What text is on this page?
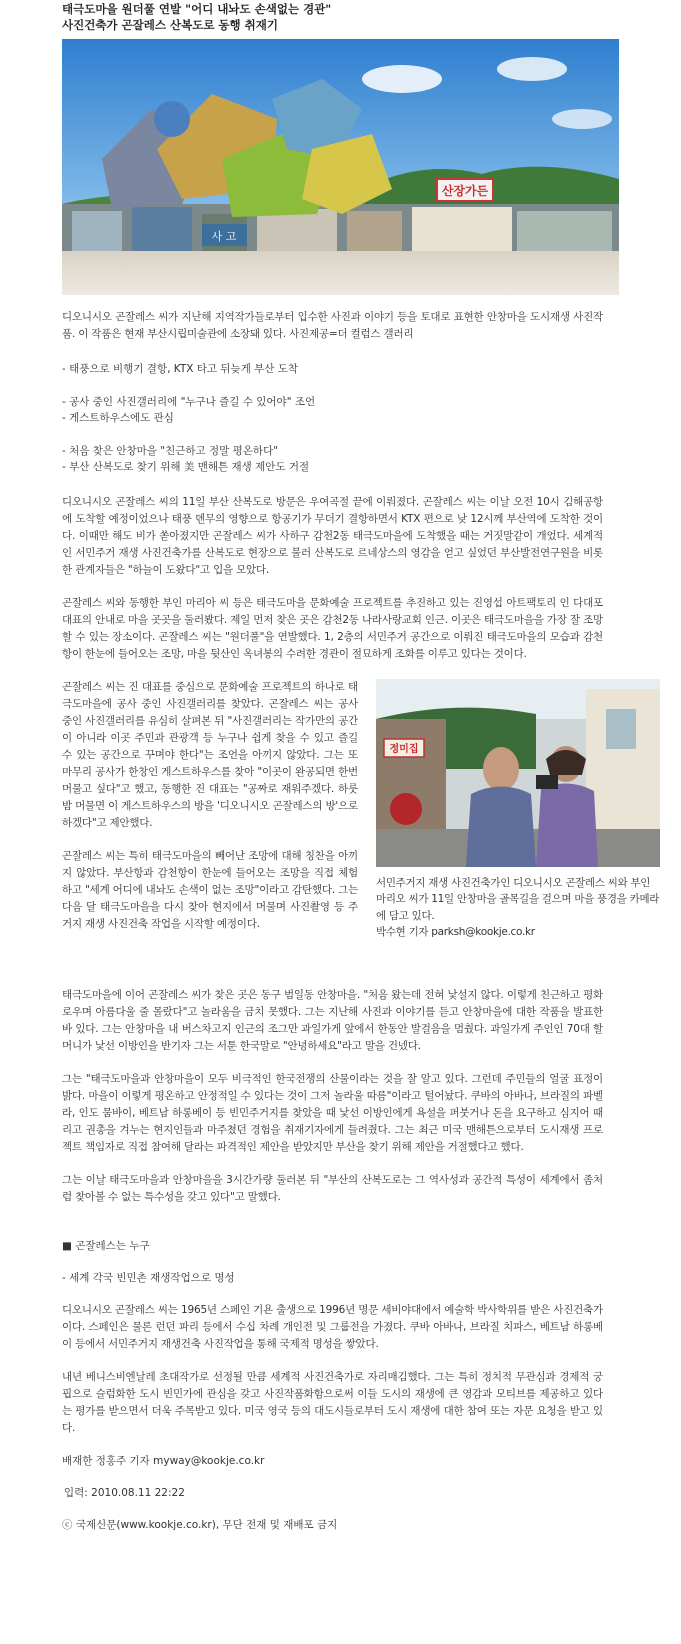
태극도마을 원더풀 연발 "어디 내놔도 손색없는 경관"
사진건축가 곤잘레스 산복도로 동행 취재기
산장가든
사 고

디오니시오 곤잘레스 씨가 지난해 지역작가들로부터 입수한 사진과 이야기 등을 토대로 표현한 안창마을 도시재생 사진작품. 이 작품은 현재 부산시립미술관에 소장돼 있다. 사진제공=더 컬럼스 갤러리

- 태풍으로 비행기 결항, KTX 타고 뒤늦게 부산 도착

- 공사 중인 사진갤러리에 "누구나 즐길 수 있어야" 조언

- 게스트하우스에도 관심

- 처음 찾은 안창마을 "친근하고 정말 평온하다"

- 부산 산복도로 찾기 위해 美 맨해튼 재생 제안도 거절

디오니시오 곤잘레스 씨의 11일 부산 산복도로 방문은 우여곡절 끝에 이뤄졌다. 곤잘레스 씨는 이날 오전 10시 김해공항에 도착할 예정이었으나 태풍 뎬무의 영향으로 항공기가 무더기 결항하면서 KTX 편으로 낮 12시께 부산역에 도착한 것이다. 이때만 해도 비가 쏟아졌지만 곤잘레스 씨가 사하구 감천2동 태극도마을에 도착했을 때는 거짓말같이 개었다. 세계적인 서민주거 재생 사진건축가를 산복도로 현장으로 불러 산복도로 르네상스의 영감을 얻고 싶었던 부산발전연구원을 비롯한 관계자들은 "하늘이 도왔다"고 입을 모았다.

곤잘레스 씨와 동행한 부인 마리아 씨 등은 태극도마을 문화예술 프로젝트를 추진하고 있는 진영섭 아트팩토리 인 다대포 대표의 안내로 마을 곳곳을 둘러봤다. 제일 먼저 찾은 곳은 감천2동 나라사랑교회 인근. 이곳은 태극도마을을 가장 잘 조망할 수 있는 장소이다. 곤잘레스 씨는 "원더풀"을 연발했다. 1, 2층의 서민주거 공간으로 이뤄진 태극도마을의 모습과 감천항이 한눈에 들어오는 조망, 마을 뒷산인 옥녀봉의 수려한 경관이 절묘하게 조화를 이루고 있다는 것이다.

곤잘레스 씨는 진 대표를 중심으로 문화예술 프로젝트의 하나로 태극도마을에 공사 중인 사진갤러리를 찾았다. 곤잘레스 씨는 공사 중인 사진갤러리를 유심히 살펴본 뒤 "사진갤러리는 작가만의 공간이 아니라 이곳 주민과 관광객 등 누구나 쉽게 찾을 수 있고 즐길 수 있는 공간으로 꾸며야 한다"는 조언을 아끼지 않았다. 그는 또 마무리 공사가 한창인 게스트하우스를 찾아 "이곳이 완공되면 한번 머물고 싶다"고 했고, 동행한 진 대표는 "공짜로 재워주겠다. 하룻밤 머물면 이 게스트하우스의 방을 '디오니시오 곤잘레스의 방'으로 하겠다"고 제안했다.

곤잘레스 씨는 특히 태극도마을의 빼어난 조망에 대해 칭찬을 아끼지 않았다. 부산항과 감천항이 한눈에 들어오는 조망을 직접 체험하고 "세계 어디에 내놔도 손색이 없는 조망"이라고 감탄했다. 그는 다음 달 태극도마을을 다시 찾아 현지에서 머물며 사진촬영 등 주거지 재생 사진건축 작업을 시작할 예정이다.

정미집
서민주거지 재생 사진건축가인 디오니시오 곤잘레스 씨와 부인 마리오 씨가 11일 안창마을 골목길을 걸으며 마을 풍경을 카메라에 담고 있다.
박수현 기자 parksh@kookje.co.kr

태극도마을에 이어 곤잘레스 씨가 찾은 곳은 동구 범일동 안창마을. "처음 왔는데 전혀 낯설지 않다. 이렇게 친근하고 평화로우며 아름다울 줄 몰랐다"고 놀라움을 금치 못했다. 그는 지난해 사진과 이야기를 듣고 안창마을에 대한 작품을 발표한 바 있다. 그는 안창마을 내 버스차고지 인근의 조그만 과일가게 앞에서 한동안 발걸음을 멈췄다. 과일가게 주인인 70대 할머니가 낯선 이방인을 반기자 그는 서툰 한국말로 "안녕하세요"라고 말을 건넸다.

그는 "태극도마을과 안창마을이 모두 비극적인 한국전쟁의 산물이라는 것을 잘 알고 있다. 그런데 주민들의 얼굴 표정이 밝다. 마을이 이렇게 평온하고 안정적일 수 있다는 것이 그저 놀라울 따름"이라고 털어놨다. 쿠바의 아바나, 브라질의 파벨라, 인도 뭄바이, 베트남 하롱베이 등 빈민주거지를 찾았을 때 낯선 이방인에게 욕설을 퍼붓거나 돈을 요구하고 심지어 때리고 권총을 겨누는 현지인들과 마주쳤던 경험을 취재기자에게 들려줬다. 그는 최근 미국 맨해튼으로부터 도시재생 프로젝트 책임자로 직접 참여해 달라는 파격적인 제안을 받았지만 부산을 찾기 위해 제안을 거절했다고 했다.

그는 이날 태극도마을과 안창마을을 3시간가량 둘러본 뒤 "부산의 산복도로는 그 역사성과 공간적 특성이 세계에서 좀처럼 찾아볼 수 없는 특수성을 갖고 있다"고 말했다.

■ 곤잘레스는 누구

- 세계 각국 빈민촌 재생작업으로 명성

디오니시오 곤잘레스 씨는 1965년 스페인 기욘 출생으로 1996년 명문 세비야대에서 예술학 박사학위를 받은 사진건축가이다. 스페인은 물론 런던 파리 등에서 수십 차례 개인전 및 그룹전을 가졌다. 쿠바 아바나, 브라질 치파스, 베트남 하롱베이 등에서 서민주거지 재생건축 사진작업을 통해 국제적 명성을 쌓았다.

내년 베니스비엔날레 초대작가로 선정될 만큼 세계적 사진건축가로 자리매김했다. 그는 특히 정치적 무관심과 경제적 궁핍으로 슬럼화한 도시 빈민가에 관심을 갖고 사진작품화함으로써 이들 도시의 재생에 큰 영감과 모티브를 제공하고 있다는 평가를 받으면서 더욱 주목받고 있다. 미국 영국 등의 대도시들로부터 도시 재생에 대한 참여 또는 자문 요청을 받고 있다.

배재한 정홍주 기자 myway@kookje.co.kr

입력: 2010.08.11 22:22

ⓒ 국제신문(www.kookje.co.kr), 무단 전재 및 재배포 금지
